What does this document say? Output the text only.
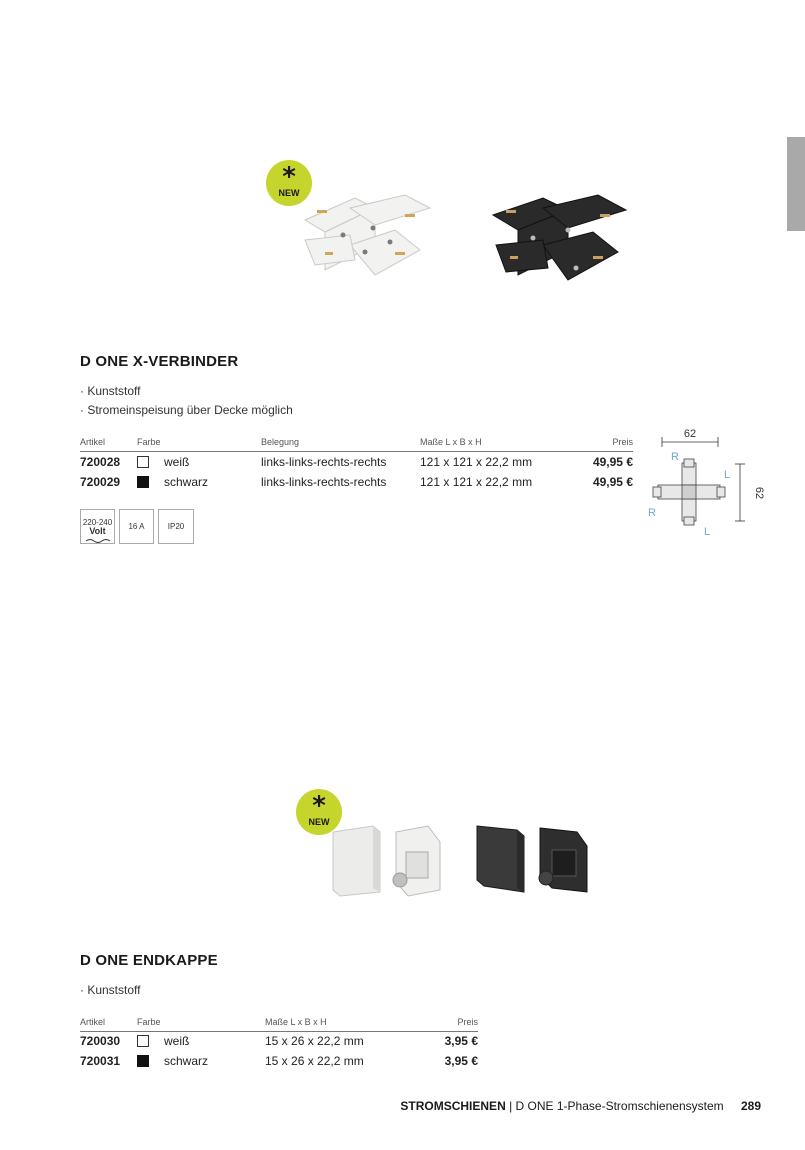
*
NEW
D ONE X-VERBINDER
· Kunststoff
· Stromeinspeisung über Decke möglich
Artikel	Farbe	Belegung	Maße L x B x H	Preis
720028	weiß	links-links-rechts-rechts	121 x 121 x 22,2 mm	49,95 €
720029	schwarz	links-links-rechts-rechts	121 x 121 x 22,2 mm	49,95 €
220-240
Volt	16 A	IP20
62
62
R
L
R
L
*
NEW
D ONE ENDKAPPE
· Kunststoff
Artikel	Farbe	Maße L x B x H	Preis
720030	weiß	15 x 26 x 22,2 mm	3,95 €
720031	schwarz	15 x 26 x 22,2 mm	3,95 €
STROMSCHIENEN | D ONE 1-Phase-Stromschienensystem 289
